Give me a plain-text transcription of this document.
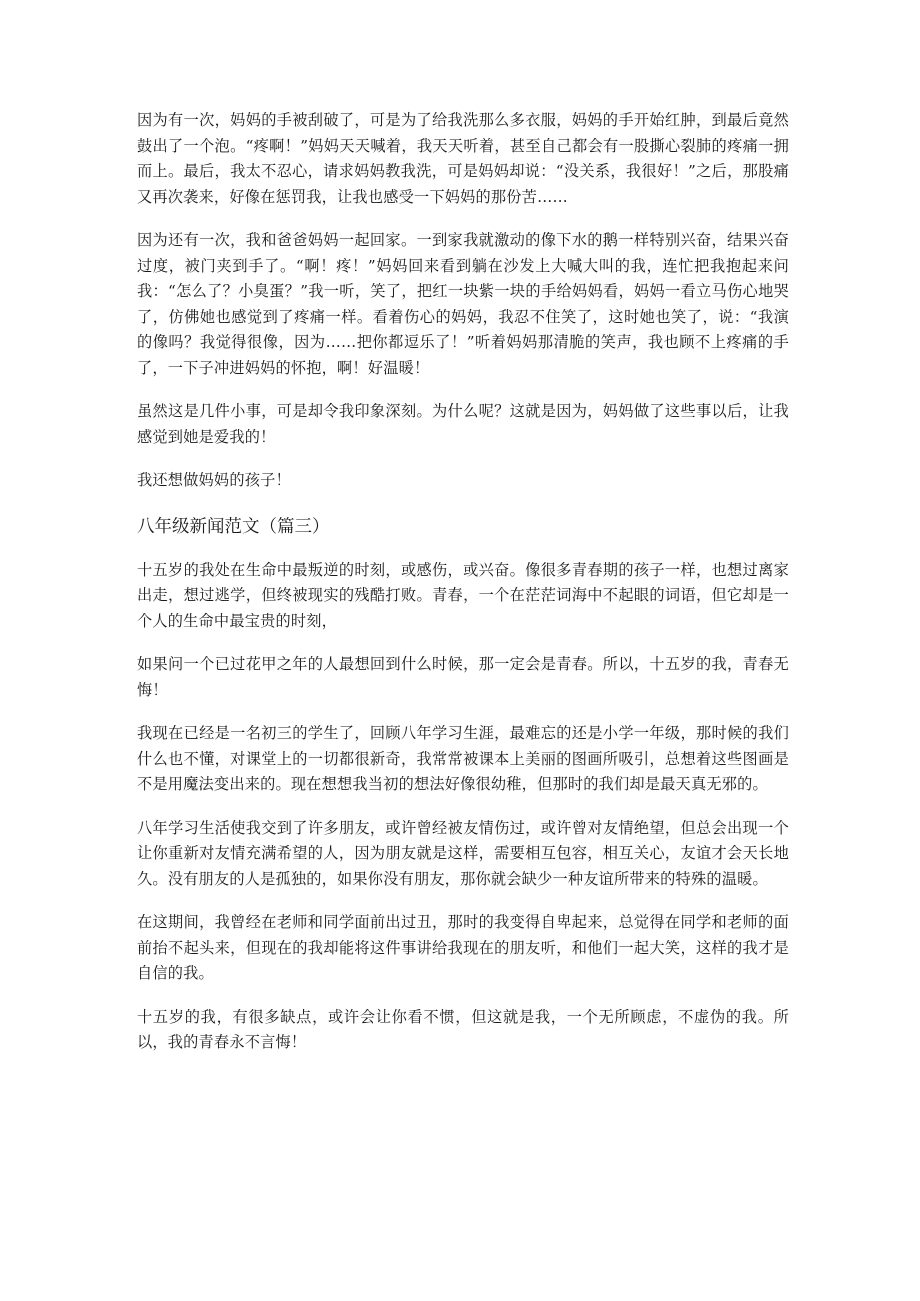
因为有一次，妈妈的手被刮破了，可是为了给我洗那么多衣服，妈妈的手开始红肿，到最后竟然鼓出了一个泡。“疼啊！”妈妈天天喊着，我天天听着，甚至自己都会有一股撕心裂肺的疼痛一拥而上。最后，我太不忍心，请求妈妈教我洗，可是妈妈却说：“没关系，我很好！”之后，那股痛又再次袭来，好像在惩罚我，让我也感受一下妈妈的那份苦……

因为还有一次，我和爸爸妈妈一起回家。一到家我就激动的像下水的鹅一样特别兴奋，结果兴奋过度，被门夹到手了。“啊！疼！”妈妈回来看到躺在沙发上大喊大叫的我，连忙把我抱起来问我：“怎么了？小臭蛋？”我一听，笑了，把红一块紫一块的手给妈妈看，妈妈一看立马伤心地哭了，仿佛她也感觉到了疼痛一样。看着伤心的妈妈，我忍不住笑了，这时她也笑了，说：“我演的像吗？我觉得很像，因为……把你都逗乐了！”听着妈妈那清脆的笑声，我也顾不上疼痛的手了，一下子冲进妈妈的怀抱，啊！好温暖！

虽然这是几件小事，可是却令我印象深刻。为什么呢？这就是因为，妈妈做了这些事以后，让我感觉到她是爱我的！

我还想做妈妈的孩子！

八年级新闻范文（篇三）

十五岁的我处在生命中最叛逆的时刻，或感伤，或兴奋。像很多青春期的孩子一样，也想过离家出走，想过逃学，但终被现实的残酷打败。青春，一个在茫茫词海中不起眼的词语，但它却是一个人的生命中最宝贵的时刻，

如果问一个已过花甲之年的人最想回到什么时候，那一定会是青春。所以，十五岁的我，青春无悔！

我现在已经是一名初三的学生了，回顾八年学习生涯，最难忘的还是小学一年级，那时候的我们什么也不懂，对课堂上的一切都很新奇，我常常被课本上美丽的图画所吸引，总想着这些图画是不是用魔法变出来的。现在想想我当初的想法好像很幼稚，但那时的我们却是最天真无邪的。

八年学习生活使我交到了许多朋友，或许曾经被友情伤过，或许曾对友情绝望，但总会出现一个让你重新对友情充满希望的人，因为朋友就是这样，需要相互包容，相互关心，友谊才会天长地久。没有朋友的人是孤独的，如果你没有朋友，那你就会缺少一种友谊所带来的特殊的温暖。

在这期间，我曾经在老师和同学面前出过丑，那时的我变得自卑起来，总觉得在同学和老师的面前抬不起头来，但现在的我却能将这件事讲给我现在的朋友听，和他们一起大笑，这样的我才是自信的我。

十五岁的我，有很多缺点，或许会让你看不惯，但这就是我，一个无所顾虑，不虚伪的我。所以，我的青春永不言悔！
